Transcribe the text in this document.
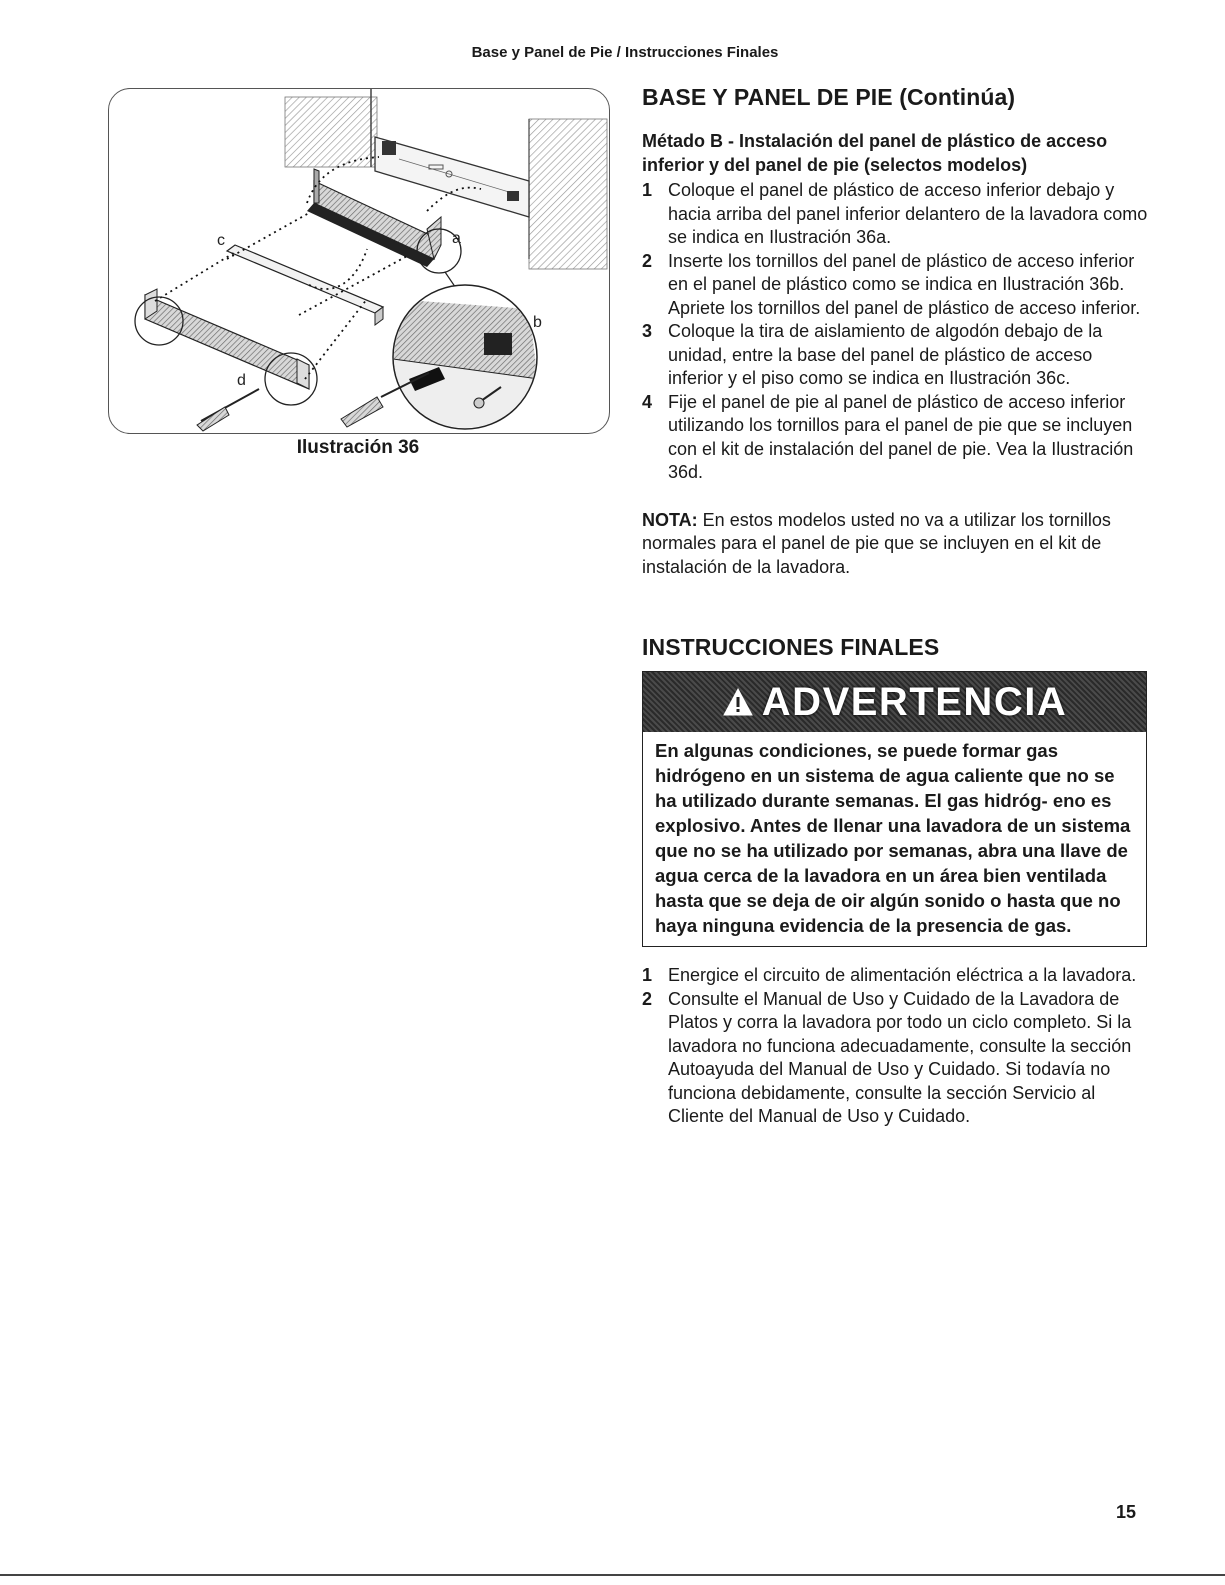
Base y Panel de Pie / Instrucciones Finales
a
b
c
d
Ilustración 36
BASE Y PANEL DE PIE (Continúa)

Métado B - Instalación del panel de plástico de acceso inferior y del panel de pie (selectos modelos)

1 Coloque el panel de plástico de acceso inferior debajo y hacia arriba del panel inferior delantero de la lavadora como se indica en Ilustración 36a.
2 Inserte los tornillos del panel de plástico de acceso inferior en el panel de plástico como se indica en Ilustración 36b. Apriete los tornillos del panel de plástico de acceso inferior.
3 Coloque la tira de aislamiento de algodón debajo de la unidad, entre la base del panel de plástico de acceso inferior y el piso como se indica en Ilustración 36c.
4 Fije el panel de pie al panel de plástico de acceso inferior utilizando los tornillos para el panel de pie que se incluyen con el kit de instalación del panel de pie. Vea la Ilustración 36d.

NOTA: En estos modelos usted no va a utilizar los tornillos normales para el panel de pie que se incluyen en el kit de instalación de la lavadora.

INSTRUCCIONES FINALES
ADVERTENCIA
En algunas condiciones, se puede formar gas hidrógeno en un sistema de agua caliente que no se ha utilizado durante semanas. El gas hidróg- eno es explosivo. Antes de llenar una lavadora de un sistema que no se ha utilizado por semanas, abra una llave de agua cerca de la lavadora en un área bien ventilada hasta que se deja de oir algún sonido o hasta que no haya ninguna evidencia de la presencia de gas.
1 Energice el circuito de alimentación eléctrica a la lavadora.
2 Consulte el Manual de Uso y Cuidado de la Lavadora de Platos y corra la lavadora por todo un ciclo completo. Si la lavadora no funciona adecuadamente, consulte la sección Autoayuda del Manual de Uso y Cuidado. Si todavía no funciona debidamente, consulte la sección Servicio al Cliente del Manual de Uso y Cuidado.
15
